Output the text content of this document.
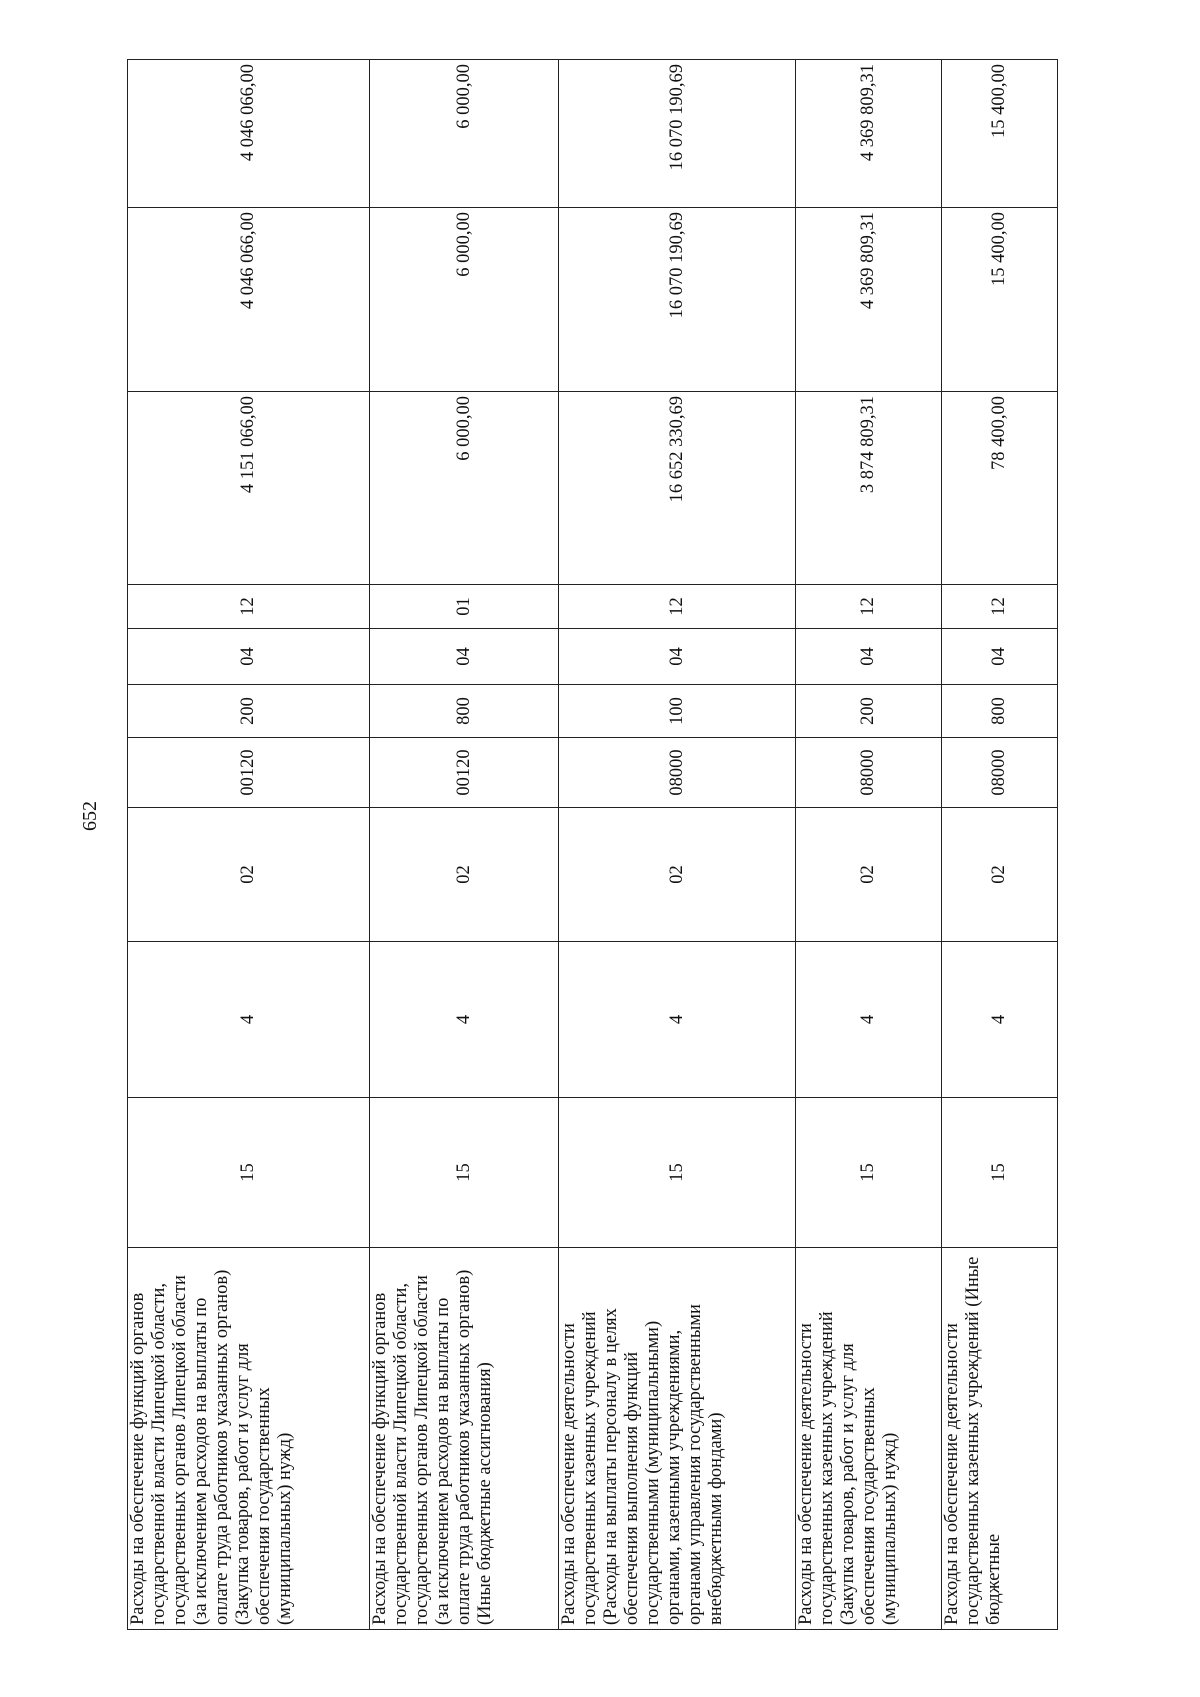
652
Расходы на обеспечение функций органов государственной власти Липецкой области, государственных органов Липецкой области (за исключением расходов на выплаты по оплате труда работников указанных органов) (Закупка товаров, работ и услуг для обеспечения государственных (муниципальных) нужд)	15	4	02	00120	200	04	12	4 151 066,00	4 046 066,00	4 046 066,00
Расходы на обеспечение функций органов государственной власти Липецкой области, государственных органов Липецкой области (за исключением расходов на выплаты по оплате труда работников указанных органов) (Иные бюджетные ассигнования)	15	4	02	00120	800	04	01	6 000,00	6 000,00	6 000,00
Расходы на обеспечение деятельности государственных казенных учреждений (Расходы на выплаты персоналу в целях обеспечения выполнения функций государственными (муниципальными) органами, казенными учреждениями, органами управления государственными внебюджетными фондами)	15	4	02	08000	100	04	12	16 652 330,69	16 070 190,69	16 070 190,69
Расходы на обеспечение деятельности государственных казенных учреждений (Закупка товаров, работ и услуг для обеспечения государственных (муниципальных) нужд)	15	4	02	08000	200	04	12	3 874 809,31	4 369 809,31	4 369 809,31
Расходы на обеспечение деятельности государственных казенных учреждений (Иные бюджетные	15	4	02	08000	800	04	12	78 400,00	15 400,00	15 400,00
